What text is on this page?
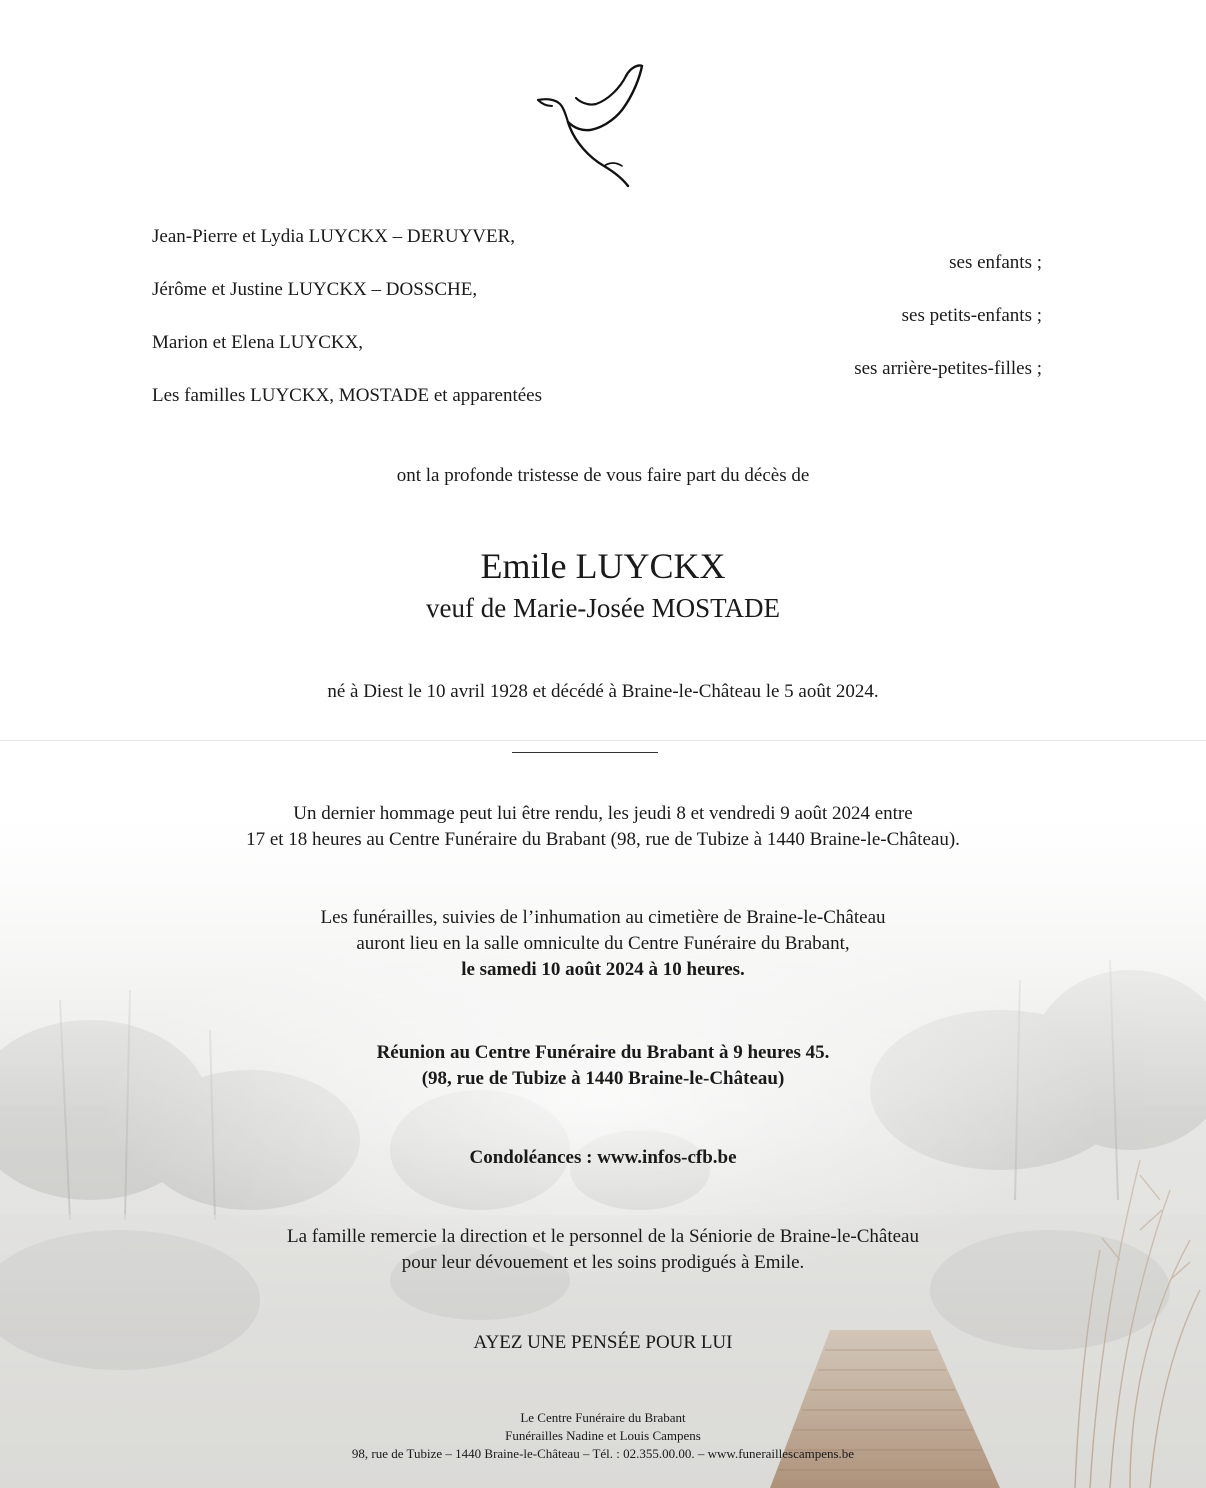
Jean-Pierre et Lydia LUYCKX – DERUYVER,
ses enfants ;
Jérôme et Justine LUYCKX – DOSSCHE,
ses petits-enfants ;
Marion et Elena LUYCKX,
ses arrière-petites-filles ;
Les familles LUYCKX, MOSTADE et apparentées
ont la profonde tristesse de vous faire part du décès de
Emile LUYCKX
veuf de Marie-Josée MOSTADE
né à Diest le 10 avril 1928 et décédé à Braine-le-Château le 5 août 2024.
Un dernier hommage peut lui être rendu, les jeudi 8 et vendredi 9 août 2024 entre
17 et 18 heures au Centre Funéraire du Brabant (98, rue de Tubize à 1440 Braine-le-Château).
Les funérailles, suivies de l’inhumation au cimetière de Braine-le-Château
auront lieu en la salle omniculte du Centre Funéraire du Brabant,
le samedi 10 août 2024 à 10 heures.
Réunion au Centre Funéraire du Brabant à 9 heures 45.
(98, rue de Tubize à 1440 Braine-le-Château)
Condoléances : www.infos-cfb.be
La famille remercie la direction et le personnel de la Séniorie de Braine-le-Château
pour leur dévouement et les soins prodigués à Emile.
AYEZ UNE PENSÉE POUR LUI
Le Centre Funéraire du Brabant
Funérailles Nadine et Louis Campens
98, rue de Tubize – 1440 Braine-le-Château – Tél. : 02.355.00.00. – www.funeraillescampens.be
